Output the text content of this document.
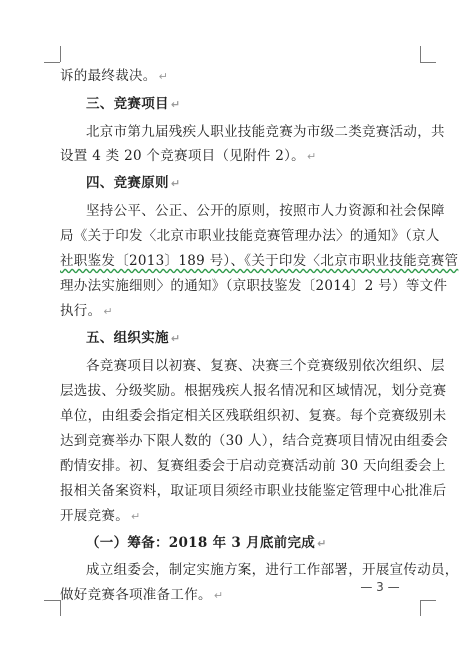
诉的最终裁决。 ↵
三、竞赛项目 ↵
北京市第九届残疾人职业技能竞赛为市级二类竞赛活动，共
设置 4 类 20 个竞赛项目（见附件 2）。 ↵
四、竞赛原则 ↵
坚持公平、公正、公开的原则，按照市人力资源和社会保障
局《关于印发〈北京市职业技能竞赛管理办法〉的通知》（京人
社职鉴发〔2013〕189 号）、《关于印发〈北京市职业技能竞赛管
理办法实施细则〉的通知》（京职技鉴发〔2014〕2 号）等文件
执行。 ↵
五、组织实施 ↵
各竞赛项目以初赛、复赛、决赛三个竞赛级别依次组织、层
层选拔、分级奖励。根据残疾人报名情况和区域情况，划分竞赛
单位，由组委会指定相关区残联组织初、复赛。每个竞赛级别未
达到竞赛举办下限人数的（30 人），结合竞赛项目情况由组委会
酌情安排。初、复赛组委会于启动竞赛活动前 30 天向组委会上
报相关备案资料，取证项目须经市职业技能鉴定管理中心批准后
开展竞赛。 ↵
（一）筹备：2018 年 3 月底前完成 ↵
成立组委会，制定实施方案，进行工作部署，开展宣传动员，
做好竞赛各项准备工作。 ↵
— 3 —
